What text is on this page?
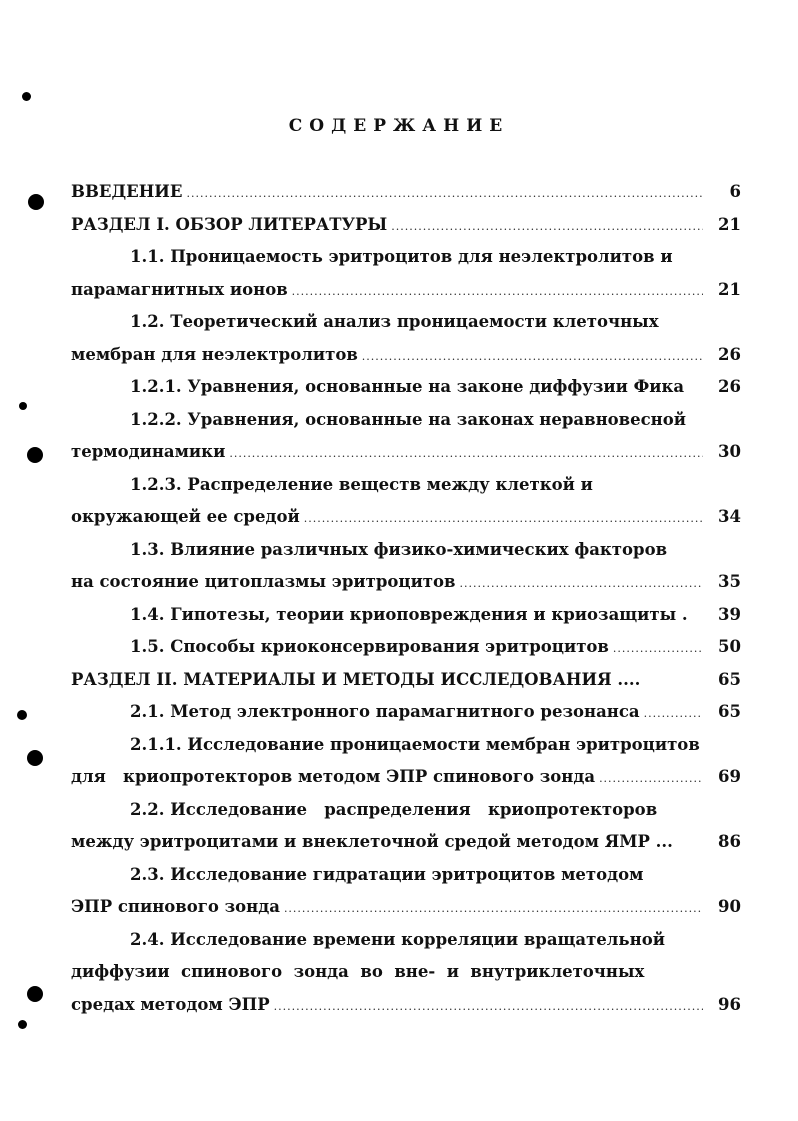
СОДЕРЖАНИЕ
ВВЕДЕНИЕ .....	6
РАЗДЕЛ I. ОБЗОР ЛИТЕРАТУРЫ .....	21
1.1. Проницаемость эритроцитов для неэлектролитов и
парамагнитных ионов .....	21
1.2. Теоретический анализ проницаемости клеточных
мембран для неэлектролитов .....	26
1.2.1. Уравнения, основанные на законе диффузии Фика	26
1.2.2. Уравнения, основанные на законах неравновесной
термодинамики .....	30
1.2.3. Распределение веществ между клеткой и
окружающей ее средой .....	34
1.3. Влияние различных физико-химических факторов
на состояние цитоплазмы эритроцитов .....	35
1.4. Гипотезы, теории криоповреждения и криозащиты .	39
1.5. Способы криоконсервирования эритроцитов .....	50
РАЗДЕЛ II. МАТЕРИАЛЫ И МЕТОДЫ ИССЛЕДОВАНИЯ ....	65
2.1. Метод электронного парамагнитного резонанса .....	65
2.1.1. Исследование проницаемости мембран эритроцитов
для   криопротекторов методом ЭПР спинового зонда .....	69
2.2. Исследование   распределения   криопротекторов
между эритроцитами и внеклеточной средой методом ЯМР ...	86
2.3. Исследование гидратации эритроцитов методом
ЭПР спинового зонда .....	90
2.4. Исследование времени корреляции вращательной
диффузии  спинового  зонда  во  вне-  и  внутриклеточных
средах методом ЭПР .....	96
